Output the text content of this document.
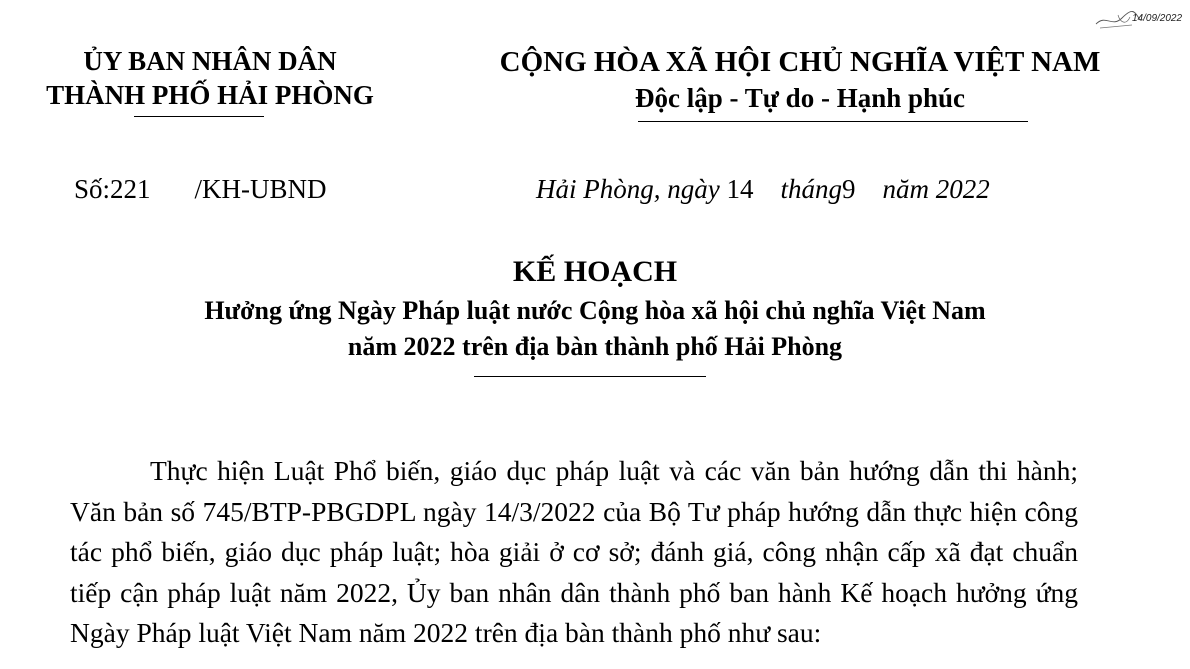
14/09/2022
ỦY BAN NHÂN DÂN
THÀNH PHỐ HẢI PHÒNG
CỘNG HÒA XÃ HỘI CHỦ NGHĨA VIỆT NAM
Độc lập - Tự do - Hạnh phúc
Số:221 /KH-UBND	Hải Phòng, ngày 14 tháng9 năm 2022
KẾ HOẠCH
Hưởng ứng Ngày Pháp luật nước Cộng hòa xã hội chủ nghĩa Việt Nam
năm 2022 trên địa bàn thành phố Hải Phòng
Thực hiện Luật Phổ biến, giáo dục pháp luật và các văn bản hướng dẫn thi hành; Văn bản số 745/BTP-PBGDPL ngày 14/3/2022 của Bộ Tư pháp hướng dẫn thực hiện công tác phổ biến, giáo dục pháp luật; hòa giải ở cơ sở; đánh giá, công nhận cấp xã đạt chuẩn tiếp cận pháp luật năm 2022, Ủy ban nhân dân thành phố ban hành Kế hoạch hưởng ứng Ngày Pháp luật Việt Nam năm 2022 trên địa bàn thành phố như sau:
